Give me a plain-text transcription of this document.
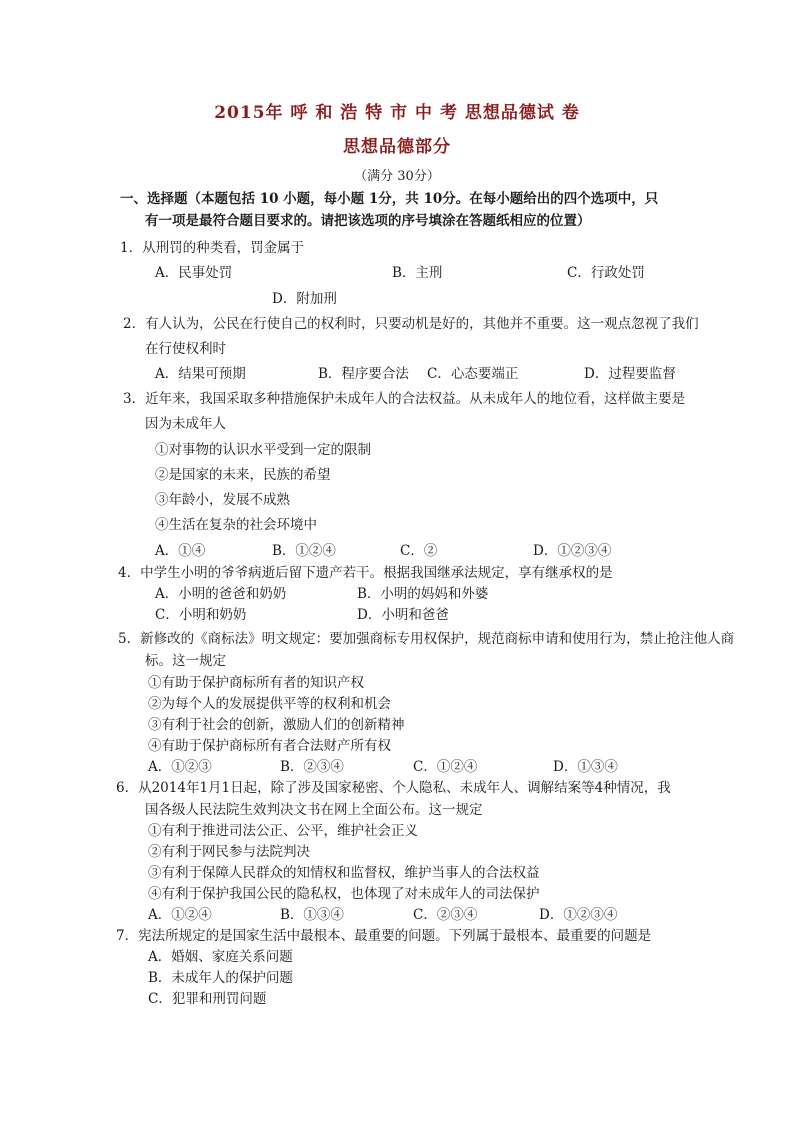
2015年 呼 和 浩 特 市 中 考 思想品德试 卷
思想品德部分
（满分 30分）
一、选择题（本题包括 10 小题，每小题 1分，共 10分。在每小题给出的四个选项中，只
有一项是最符合题目要求的。请把该选项的序号填涂在答题纸相应的位置）
1．从刑罚的种类看，罚金属于
A．民事处罚	B．主刑	C．行政处罚
D．附加刑
2．有人认为，公民在行使自己的权利时，只要动机是好的，其他并不重要。这一观点忽视了我们
在行使权利时
A．结果可预期	B．程序要合法 C．心态要端正	D．过程要监督
3．近年来，我国采取多种措施保护未成年人的合法权益。从未成年人的地位看，这样做主要是
因为未成年人
①对事物的认识水平受到一定的限制
②是国家的未来，民族的希望
③年龄小，发展不成熟
④生活在复杂的社会环境中
A．①④	B．①②④	C．②	D．①②③④
4．中学生小明的爷爷病逝后留下遗产若干。根据我国继承法规定，享有继承权的是
A．小明的爸爸和奶奶	B．小明的妈妈和外婆
C．小明和奶奶	D．小明和爸爸
5．新修改的《商标法》明文规定：要加强商标专用权保护，规范商标申请和使用行为，禁止抢注他人商
标。这一规定
①有助于保护商标所有者的知识产权
②为每个人的发展提供平等的权利和机会
③有利于社会的创新，激励人们的创新精神
④有助于保护商标所有者合法财产所有权
A．①②③	B．②③④	C．①②④	D．①③④
6．从2014年1月1日起，除了涉及国家秘密、个人隐私、未成年人、调解结案等4种情况，我
国各级人民法院生效判决文书在网上全面公布。这一规定
①有利于推进司法公正、公平，维护社会正义
②有利于网民参与法院判决
③有利于保障人民群众的知情权和监督权，维护当事人的合法权益
④有利于保护我国公民的隐私权，也体现了对未成年人的司法保护
A．①②④	B．①③④	C．②③④	D．①②③④
7．宪法所规定的是国家生活中最根本、最重要的问题。下列属于最根本、最重要的问题是
A．婚姻、家庭关系问题
B．未成年人的保护问题
C．犯罪和刑罚问题
